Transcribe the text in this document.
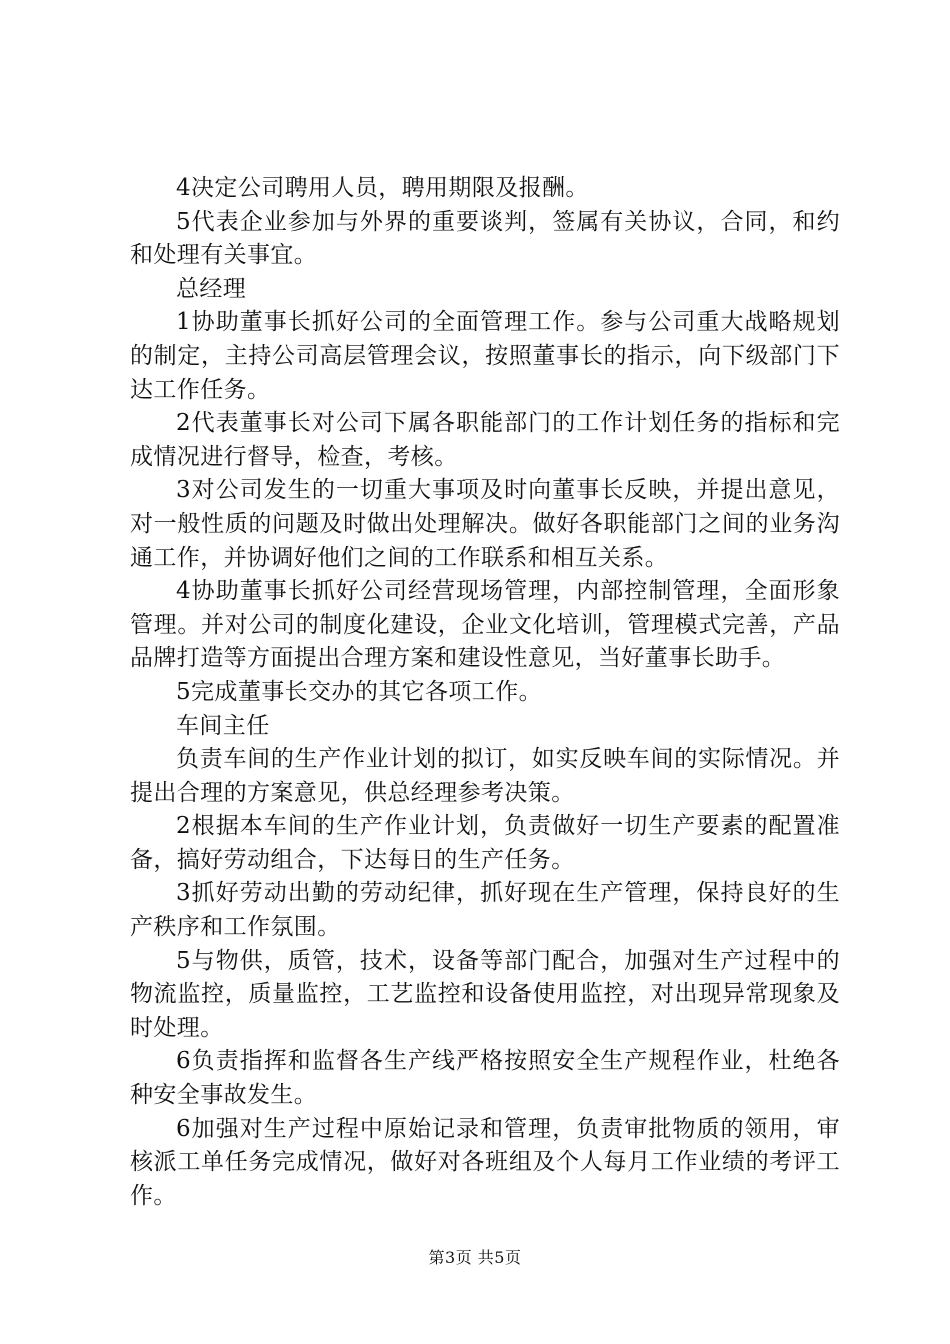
4决定公司聘用人员，聘用期限及报酬。

5代表企业参加与外界的重要谈判，签属有关协议，合同，和约和处理有关事宜。

总经理

1协助董事长抓好公司的全面管理工作。参与公司重大战略规划的制定，主持公司高层管理会议，按照董事长的指示，向下级部门下达工作任务。

2代表董事长对公司下属各职能部门的工作计划任务的指标和完成情况进行督导，检查，考核。

3对公司发生的一切重大事项及时向董事长反映，并提出意见，对一般性质的问题及时做出处理解决。做好各职能部门之间的业务沟通工作，并协调好他们之间的工作联系和相互关系。

4协助董事长抓好公司经营现场管理，内部控制管理，全面形象管理。并对公司的制度化建设，企业文化培训，管理模式完善，产品品牌打造等方面提出合理方案和建设性意见，当好董事长助手。

5完成董事长交办的其它各项工作。

车间主任

负责车间的生产作业计划的拟订，如实反映车间的实际情况。并提出合理的方案意见，供总经理参考决策。

2根据本车间的生产作业计划，负责做好一切生产要素的配置准备，搞好劳动组合，下达每日的生产任务。

3抓好劳动出勤的劳动纪律，抓好现在生产管理，保持良好的生产秩序和工作氛围。

5与物供，质管，技术，设备等部门配合，加强对生产过程中的物流监控，质量监控，工艺监控和设备使用监控，对出现异常现象及时处理。

6负责指挥和监督各生产线严格按照安全生产规程作业，杜绝各种安全事故发生。

6加强对生产过程中原始记录和管理，负责审批物质的领用，审核派工单任务完成情况，做好对各班组及个人每月工作业绩的考评工作。

第3页 共5页
